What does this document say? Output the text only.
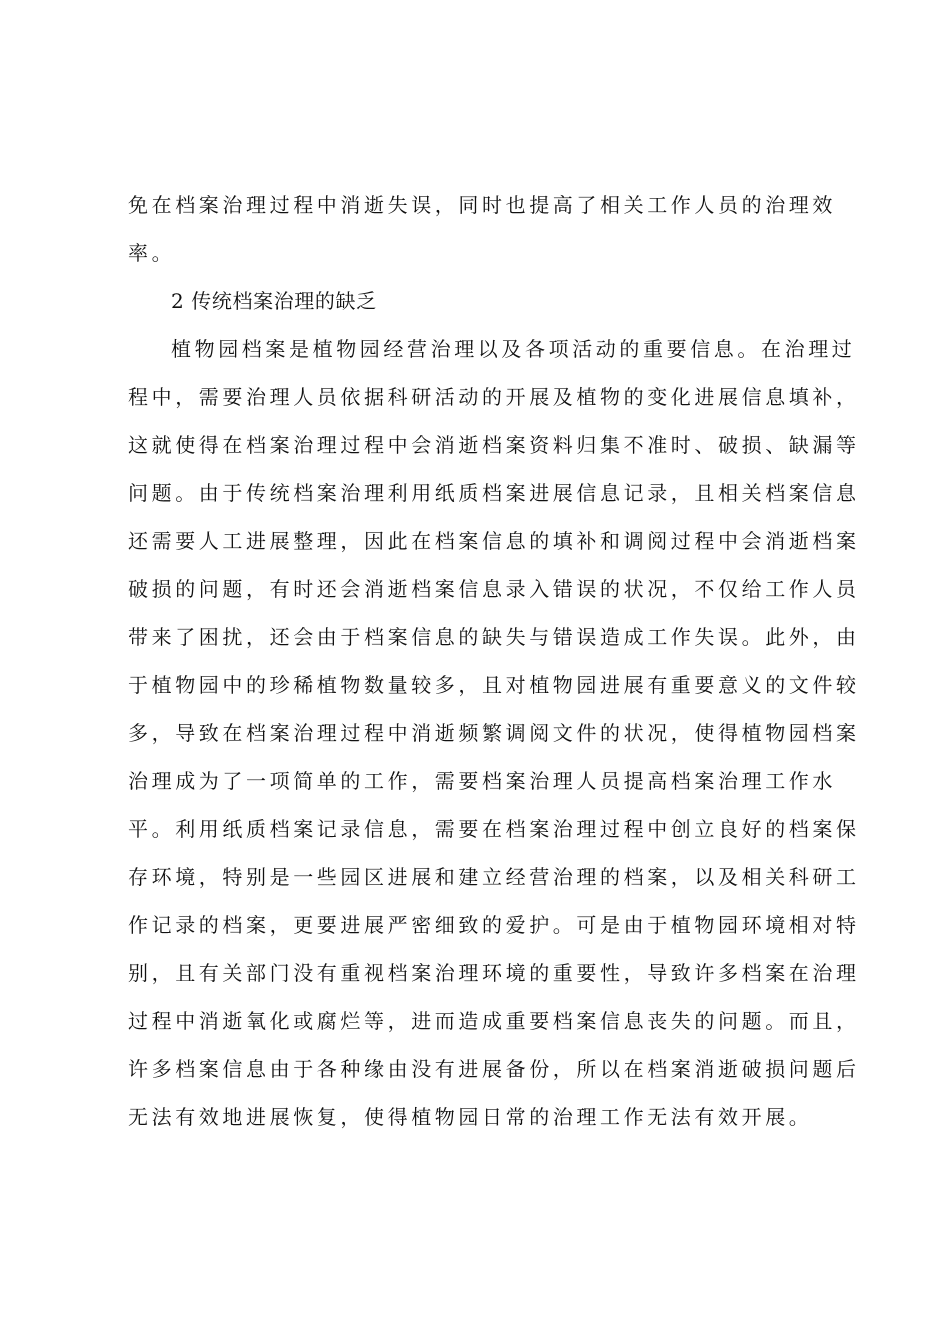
免在档案治理过程中消逝失误，同时也提高了相关工作人员的治理效
率。
2 传统档案治理的缺乏
植物园档案是植物园经营治理以及各项活动的重要信息。在治理过
程中，需要治理人员依据科研活动的开展及植物的变化进展信息填补，
这就使得在档案治理过程中会消逝档案资料归集不准时、破损、缺漏等
问题。由于传统档案治理利用纸质档案进展信息记录，且相关档案信息
还需要人工进展整理，因此在档案信息的填补和调阅过程中会消逝档案
破损的问题，有时还会消逝档案信息录入错误的状况，不仅给工作人员
带来了困扰，还会由于档案信息的缺失与错误造成工作失误。此外，由
于植物园中的珍稀植物数量较多，且对植物园进展有重要意义的文件较
多，导致在档案治理过程中消逝频繁调阅文件的状况，使得植物园档案
治理成为了一项简单的工作，需要档案治理人员提高档案治理工作水
平。利用纸质档案记录信息，需要在档案治理过程中创立良好的档案保
存环境，特别是一些园区进展和建立经营治理的档案，以及相关科研工
作记录的档案，更要进展严密细致的爱护。可是由于植物园环境相对特
别，且有关部门没有重视档案治理环境的重要性，导致许多档案在治理
过程中消逝氧化或腐烂等，进而造成重要档案信息丧失的问题。而且，
许多档案信息由于各种缘由没有进展备份，所以在档案消逝破损问题后
无法有效地进展恢复，使得植物园日常的治理工作无法有效开展。
